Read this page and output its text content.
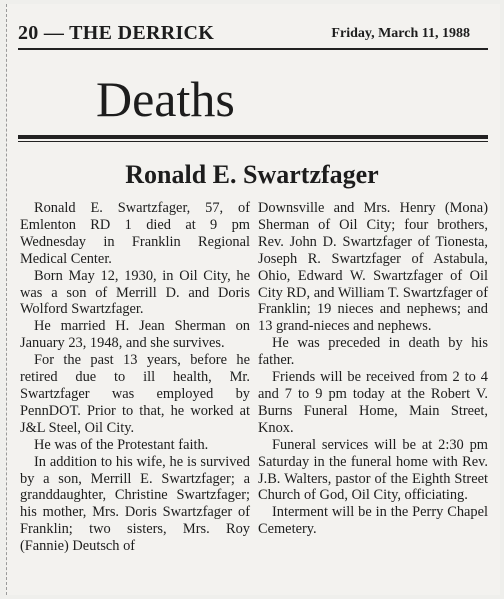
20 — THE DERRICK	Friday, March 11, 1988
Deaths
Ronald E. Swartzfager

Ronald E. Swartzfager, 57, of Emlenton RD 1 died at 9 pm Wednesday in Franklin Regional Medical Center.

Born May 12, 1930, in Oil City, he was a son of Merrill D. and Doris Wolford Swartzfager.

He married H. Jean Sherman on January 23, 1948, and she survives.

For the past 13 years, before he retired due to ill health, Mr. Swartzfager was employed by PennDOT. Prior to that, he worked at J&L Steel, Oil City.

He was of the Protestant faith.

In addition to his wife, he is survived by a son, Merrill E. Swartzfager; a granddaughter, Christine Swartzfager; his mother, Mrs. Doris Swartzfager of Franklin; two sisters, Mrs. Roy (Fannie) Deutsch of

Downsville and Mrs. Henry (Mona) Sherman of Oil City; four brothers, Rev. John D. Swartzfager of Tionesta, Joseph R. Swartzfager of Astabula, Ohio, Edward W. Swartzfager of Oil City RD, and William T. Swartzfager of Franklin; 19 nieces and nephews; and 13 grand-nieces and nephews.

He was preceded in death by his father.

Friends will be received from 2 to 4 and 7 to 9 pm today at the Robert V. Burns Funeral Home, Main Street, Knox.

Funeral services will be at 2:30 pm Saturday in the funeral home with Rev. J.B. Walters, pastor of the Eighth Street Church of God, Oil City, officiating.

Interment will be in the Perry Chapel Cemetery.
